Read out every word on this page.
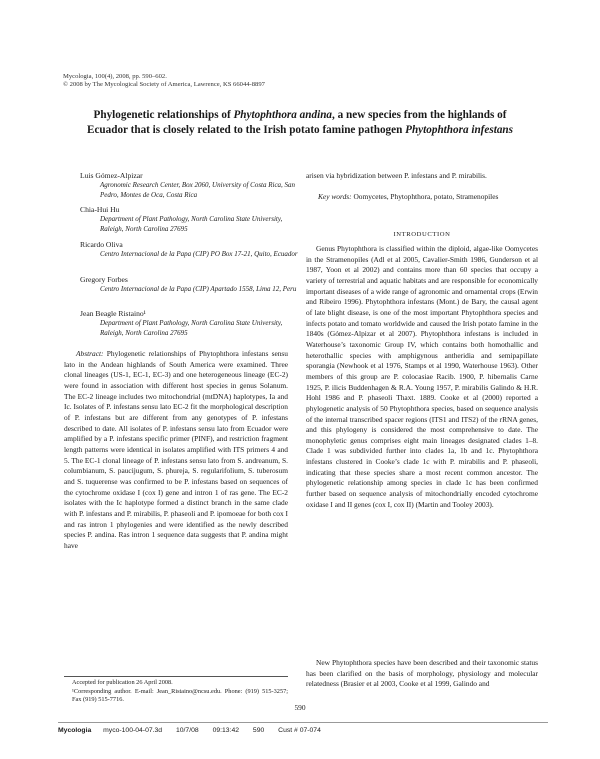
Mycologia, 100(4), 2008, pp. 590–602.
© 2008 by The Mycological Society of America, Lawrence, KS 66044-8897
Phylogenetic relationships of Phytophthora andina, a new species from the highlands of Ecuador that is closely related to the Irish potato famine pathogen Phytophthora infestans
Luis Gómez-Alpizar
Agronomic Research Center, Box 2060, University of Costa Rica, San Pedro, Montes de Oca, Costa Rica
Chia-Hui Hu
Department of Plant Pathology, North Carolina State University, Raleigh, North Carolina 27695
Ricardo Oliva
Centro Internacional de la Papa (CIP) PO Box 17-21, Quito, Ecuador
Gregory Forbes
Centro Internacional de la Papa (CIP) Apartado 1558, Lima 12, Peru
Jean Beagle Ristaino¹
Department of Plant Pathology, North Carolina State University, Raleigh, North Carolina 27695
Abstract: Phylogenetic relationships of Phytophthora infestans sensu lato in the Andean highlands of South America were examined. Three clonal lineages (US-1, EC-1, EC-3) and one heterogeneous lineage (EC-2) were found in association with different host species in genus Solanum. The EC-2 lineage includes two mitochondrial (mtDNA) haplotypes, Ia and Ic. Isolates of P. infestans sensu lato EC-2 fit the morphological description of P. infestans but are different from any genotypes of P. infestans described to date. All isolates of P. infestans sensu lato from Ecuador were amplified by a P. infestans specific primer (PINF), and restriction fragment length patterns were identical in isolates amplified with ITS primers 4 and 5. The EC-1 clonal lineage of P. infestans sensu lato from S. andreanum, S. columbianum, S. paucijugum, S. phureja, S. regularifolium, S. tuberosum and S. tuquerense was confirmed to be P. infestans based on sequences of the cytochrome oxidase I (cox I) gene and intron 1 of ras gene. The EC-2 isolates with the Ic haplotype formed a distinct branch in the same clade with P. infestans and P. mirabilis, P. phaseoli and P. ipomoeae for both cox I and ras intron 1 phylogenies and were identified as the newly described species P. andina. Ras intron 1 sequence data suggests that P. andina might have
Accepted for publication 26 April 2008.
¹Corresponding author. E-mail: Jean_Ristaino@ncsu.edu. Phone: (919) 515-3257; Fax (919) 515-7716.
arisen via hybridization between P. infestans and P. mirabilis.
Key words: Oomycetes, Phytophthora, potato, Stramenopiles
INTRODUCTION
Genus Phytophthora is classified within the diploid, algae-like Oomycetes in the Stramenopiles (Adl et al 2005, Cavalier-Smith 1986, Gunderson et al 1987, Yoon et al 2002) and contains more than 60 species that occupy a variety of terrestrial and aquatic habitats and are responsible for economically important diseases of a wide range of agronomic and ornamental crops (Erwin and Ribeiro 1996). Phytophthora infestans (Mont.) de Bary, the causal agent of late blight disease, is one of the most important Phytophthora species and infects potato and tomato worldwide and caused the Irish potato famine in the 1840s (Gómez-Alpizar et al 2007). Phytophthora infestans is included in Waterhouse’s taxonomic Group IV, which contains both homothallic and heterothallic species with amphigynous antheridia and semipapillate sporangia (Newhook et al 1976, Stamps et al 1990, Waterhouse 1963). Other members of this group are P. colocasiae Racib. 1900, P. hibernalis Carne 1925, P. ilicis Buddenhagen & R.A. Young 1957, P. mirabilis Galindo & H.R. Hohl 1986 and P. phaseoli Thaxt. 1889. Cooke et al (2000) reported a phylogenetic analysis of 50 Phytophthora species, based on sequence analysis of the internal transcribed spacer regions (ITS1 and ITS2) of the rRNA genes, and this phylogeny is considered the most comprehensive to date. The monophyletic genus comprises eight main lineages designated clades 1–8. Clade 1 was subdivided further into clades 1a, 1b and 1c. Phytophthora infestans clustered in Cooke’s clade 1c with P. mirabilis and P. phaseoli, indicating that these species share a most recent common ancestor. The phylogenetic relationship among species in clade 1c has been confirmed further based on sequence analysis of mitochondrially encoded cytochrome oxidase I and II genes (cox I, cox II) (Martin and Tooley 2003).
New Phytophthora species have been described and their taxonomic status has been clarified on the basis of morphology, physiology and molecular relatedness (Brasier et al 2003, Cooke et al 1999, Galindo and
590
Mycologia myco-100-04-07.3d 10/7/08 09:13:42 590 Cust # 07-074
